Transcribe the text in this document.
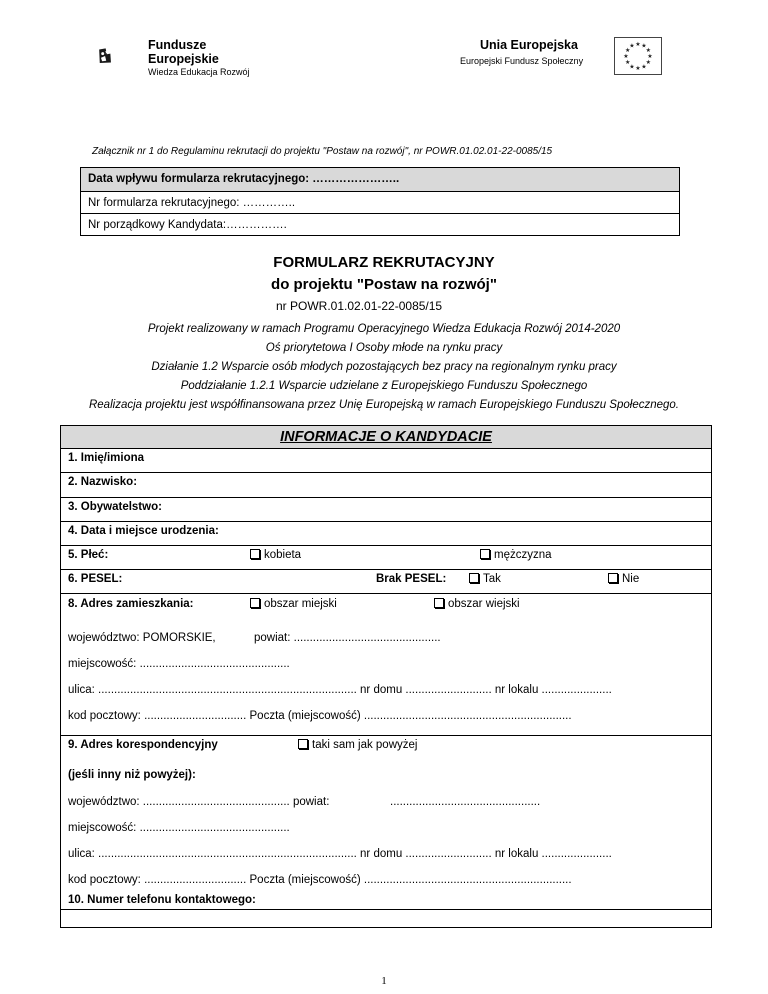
Fundusze
Europejskie
Wiedza Edukacja Rozwój
Unia Europejska
Europejski Fundusz Społeczny
★ ★
★
★
★
★
★
★
★
★
★
★
Załącznik nr 1 do Regulaminu rekrutacji do projektu "Postaw na rozwój", nr POWR.01.02.01-22-0085/15
Data wpływu formularza rekrutacyjnego: …………………..
Nr formularza rekrutacyjnego: …………..
Nr porządkowy Kandydata:…………….
FORMULARZ REKRUTACYJNY
do projektu "Postaw na rozwój"
nr POWR.01.02.01-22-0085/15
Projekt realizowany w ramach Programu Operacyjnego Wiedza Edukacja Rozwój 2014-2020
Oś priorytetowa I Osoby młode na rynku pracy
Działanie 1.2 Wsparcie osób młodych pozostających bez pracy na regionalnym rynku pracy
Poddziałanie 1.2.1 Wsparcie udzielane z Europejskiego Funduszu Społecznego
Realizacja projektu jest współfinansowana przez Unię Europejską w ramach Europejskiego Funduszu Społecznego.
INFORMACJE O KANDYDACIE
1. Imię/imiona
2. Nazwisko:
3. Obywatelstwo:
4. Data i miejsce urodzenia:
5. Płeć:	kobieta	mężczyzna
6. PESEL:	Brak PESEL:	Tak	Nie
8. Adres zamieszkania:	obszar miejski	obszar wiejski
województwo: POMORSKIE,	powiat: ..............................................
miejscowość: ...............................................
ulica: ................................................................................. nr domu ........................... nr lokalu ......................
kod pocztowy: ................................ Poczta (miejscowość) .................................................................
9. Adres korespondencyjny	taki sam jak powyżej
(jeśli inny niż powyżej):
województwo: .............................................. powiat:	...............................................
miejscowość: ...............................................
ulica: ................................................................................. nr domu ........................... nr lokalu ......................
kod pocztowy: ................................ Poczta (miejscowość) .................................................................
10. Numer telefonu kontaktowego:
1
